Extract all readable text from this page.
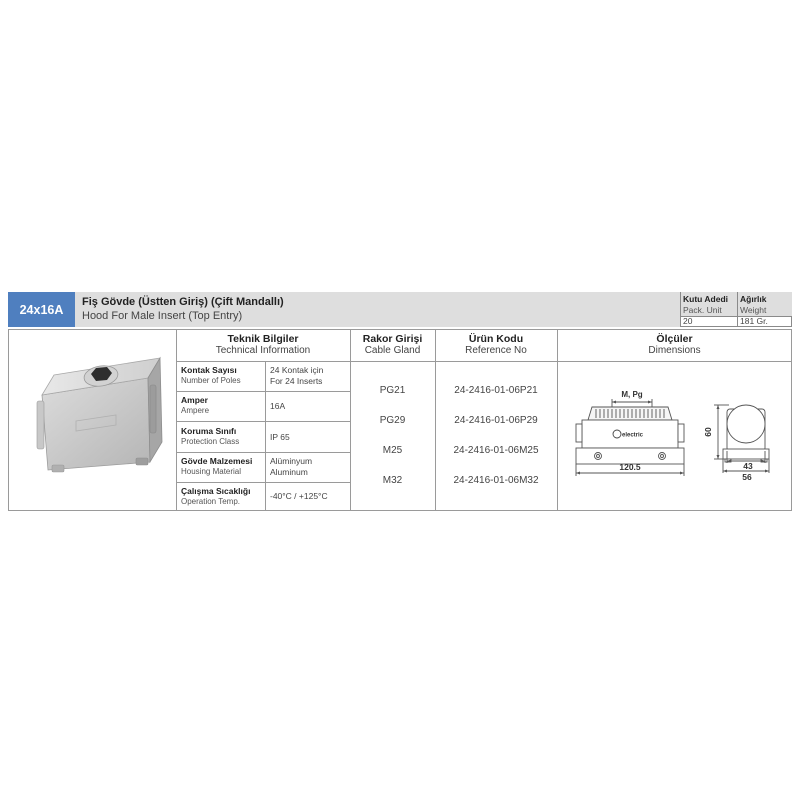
24x16A
Fiş Gövde (Üstten Giriş) (Çift Mandallı)
Hood For Male Insert (Top Entry)
Kutu Adedi
Pack. Unit
20
Ağırlık
Weight
181 Gr.
Teknik Bilgiler
Technical Information
Kontak Sayısı
Number of Poles
24 Kontak için
For 24 Inserts
Amper
Ampere	16A
Koruma Sınıfı
Protection Class	IP 65
Gövde Malzemesi
Housing Material
Alüminyum
Aluminum
Çalışma Sıcaklığı
Operation Temp.
-40°C / +125°C
Rakor Girişi
Cable Gland
PG21
PG29
M25
M32
Ürün Kodu
Reference No
24-2416-01-06P21
24-2416-01-06P29
24-2416-01-06M25
24-2416-01-06M32
Ölçüler
Dimensions
electric
M, Pg
120.5
60
43
56
